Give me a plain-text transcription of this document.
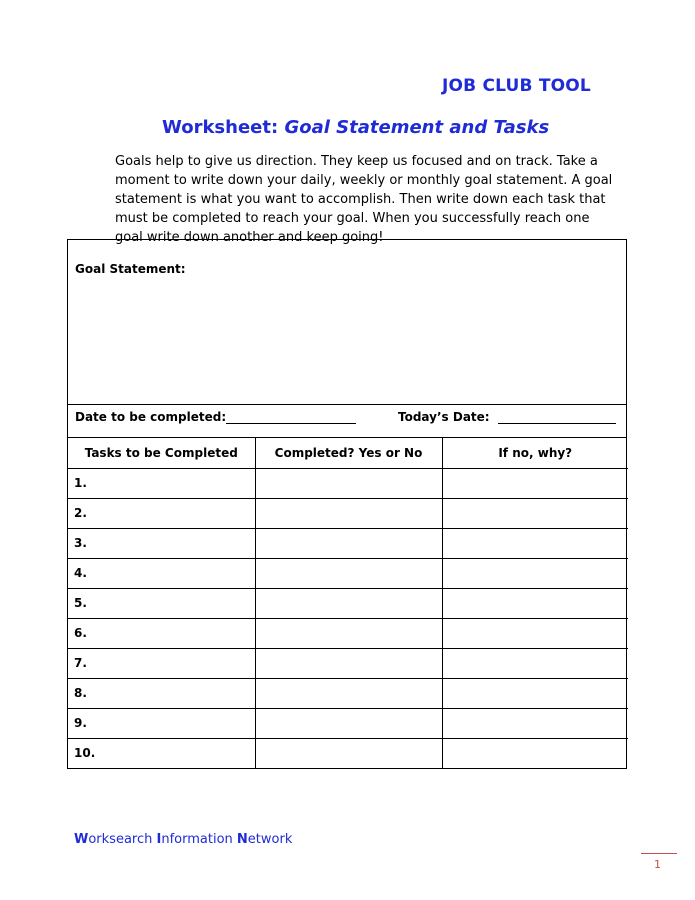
JOB CLUB TOOL
Worksheet: Goal Statement and Tasks
Goals help to give us direction. They keep us focused and on track. Take a moment to write down your daily, weekly or monthly goal statement. A goal statement is what you want to accomplish. Then write down each task that must be completed to reach your goal. When you successfully reach one goal write down another and keep going!
Goal Statement:
Date to be completed:	Today’s Date:
Tasks to be Completed	Completed? Yes or No	If no, why?
1.		
2.		
3.		
4.		
5.		
6.		
7.		
8.		
9.		
10.		
Worksearch Information Network
1
